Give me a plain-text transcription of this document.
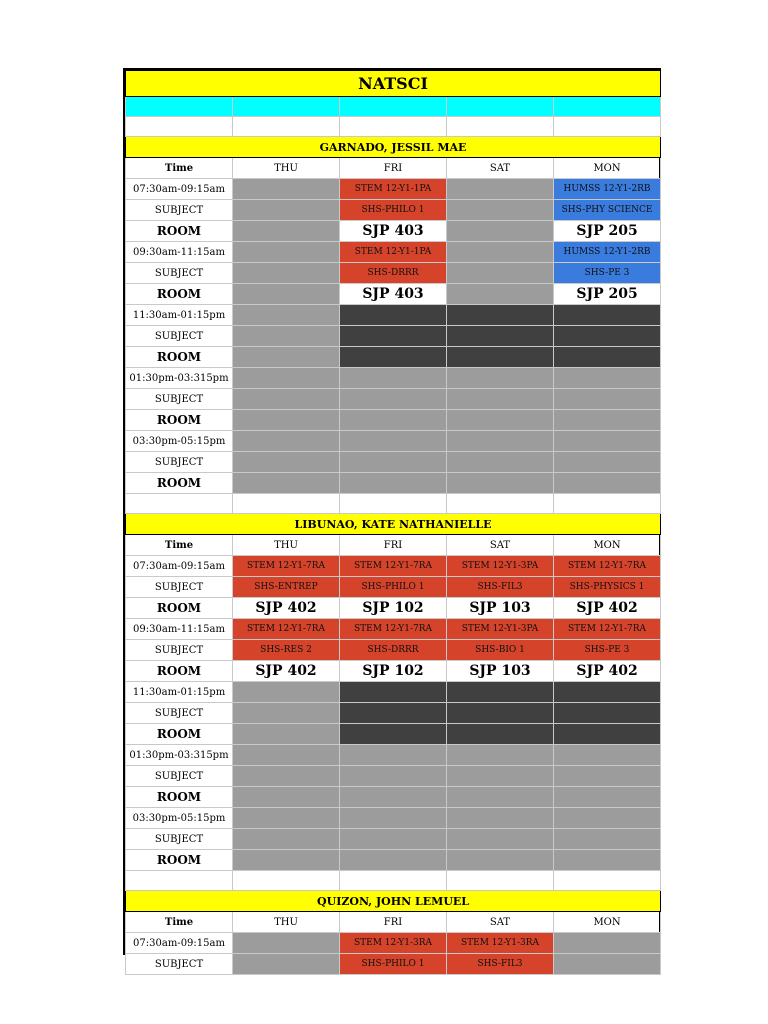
NATSCI				

GARNADO, JESSIL MAE				
Time	THU	FRI	SAT	MON
07:30am-09:15am		STEM 12-Y1-1PA		HUMSS 12-Y1-2RB
SUBJECT		SHS-PHILO 1		SHS-PHY SCIENCE
ROOM		SJP 403		SJP 205
09:30am-11:15am		STEM 12-Y1-1PA		HUMSS 12-Y1-2RB
SUBJECT		SHS-DRRR		SHS-PE 3
ROOM		SJP 403		SJP 205
11:30am-01:15pm				
SUBJECT				
ROOM				
01:30pm-03:315pm				
SUBJECT				
ROOM				
03:30pm-05:15pm				
SUBJECT				
ROOM				

LIBUNAO, KATE NATHANIELLE				
Time	THU	FRI	SAT	MON
07:30am-09:15am	STEM 12-Y1-7RA	STEM 12-Y1-7RA	STEM 12-Y1-3PA	STEM 12-Y1-7RA
SUBJECT	SHS-ENTREP	SHS-PHILO 1	SHS-FIL3	SHS-PHYSICS 1
ROOM	SJP 402	SJP 102	SJP 103	SJP 402
09:30am-11:15am	STEM 12-Y1-7RA	STEM 12-Y1-7RA	STEM 12-Y1-3PA	STEM 12-Y1-7RA
SUBJECT	SHS-RES 2	SHS-DRRR	SHS-BIO 1	SHS-PE 3
ROOM	SJP 402	SJP 102	SJP 103	SJP 402
11:30am-01:15pm				
SUBJECT				
ROOM				
01:30pm-03:315pm				
SUBJECT				
ROOM				
03:30pm-05:15pm				
SUBJECT				
ROOM				

QUIZON, JOHN LEMUEL				
Time	THU	FRI	SAT	MON
07:30am-09:15am		STEM 12-Y1-3RA	STEM 12-Y1-3RA	
SUBJECT		SHS-PHILO 1	SHS-FIL3	
